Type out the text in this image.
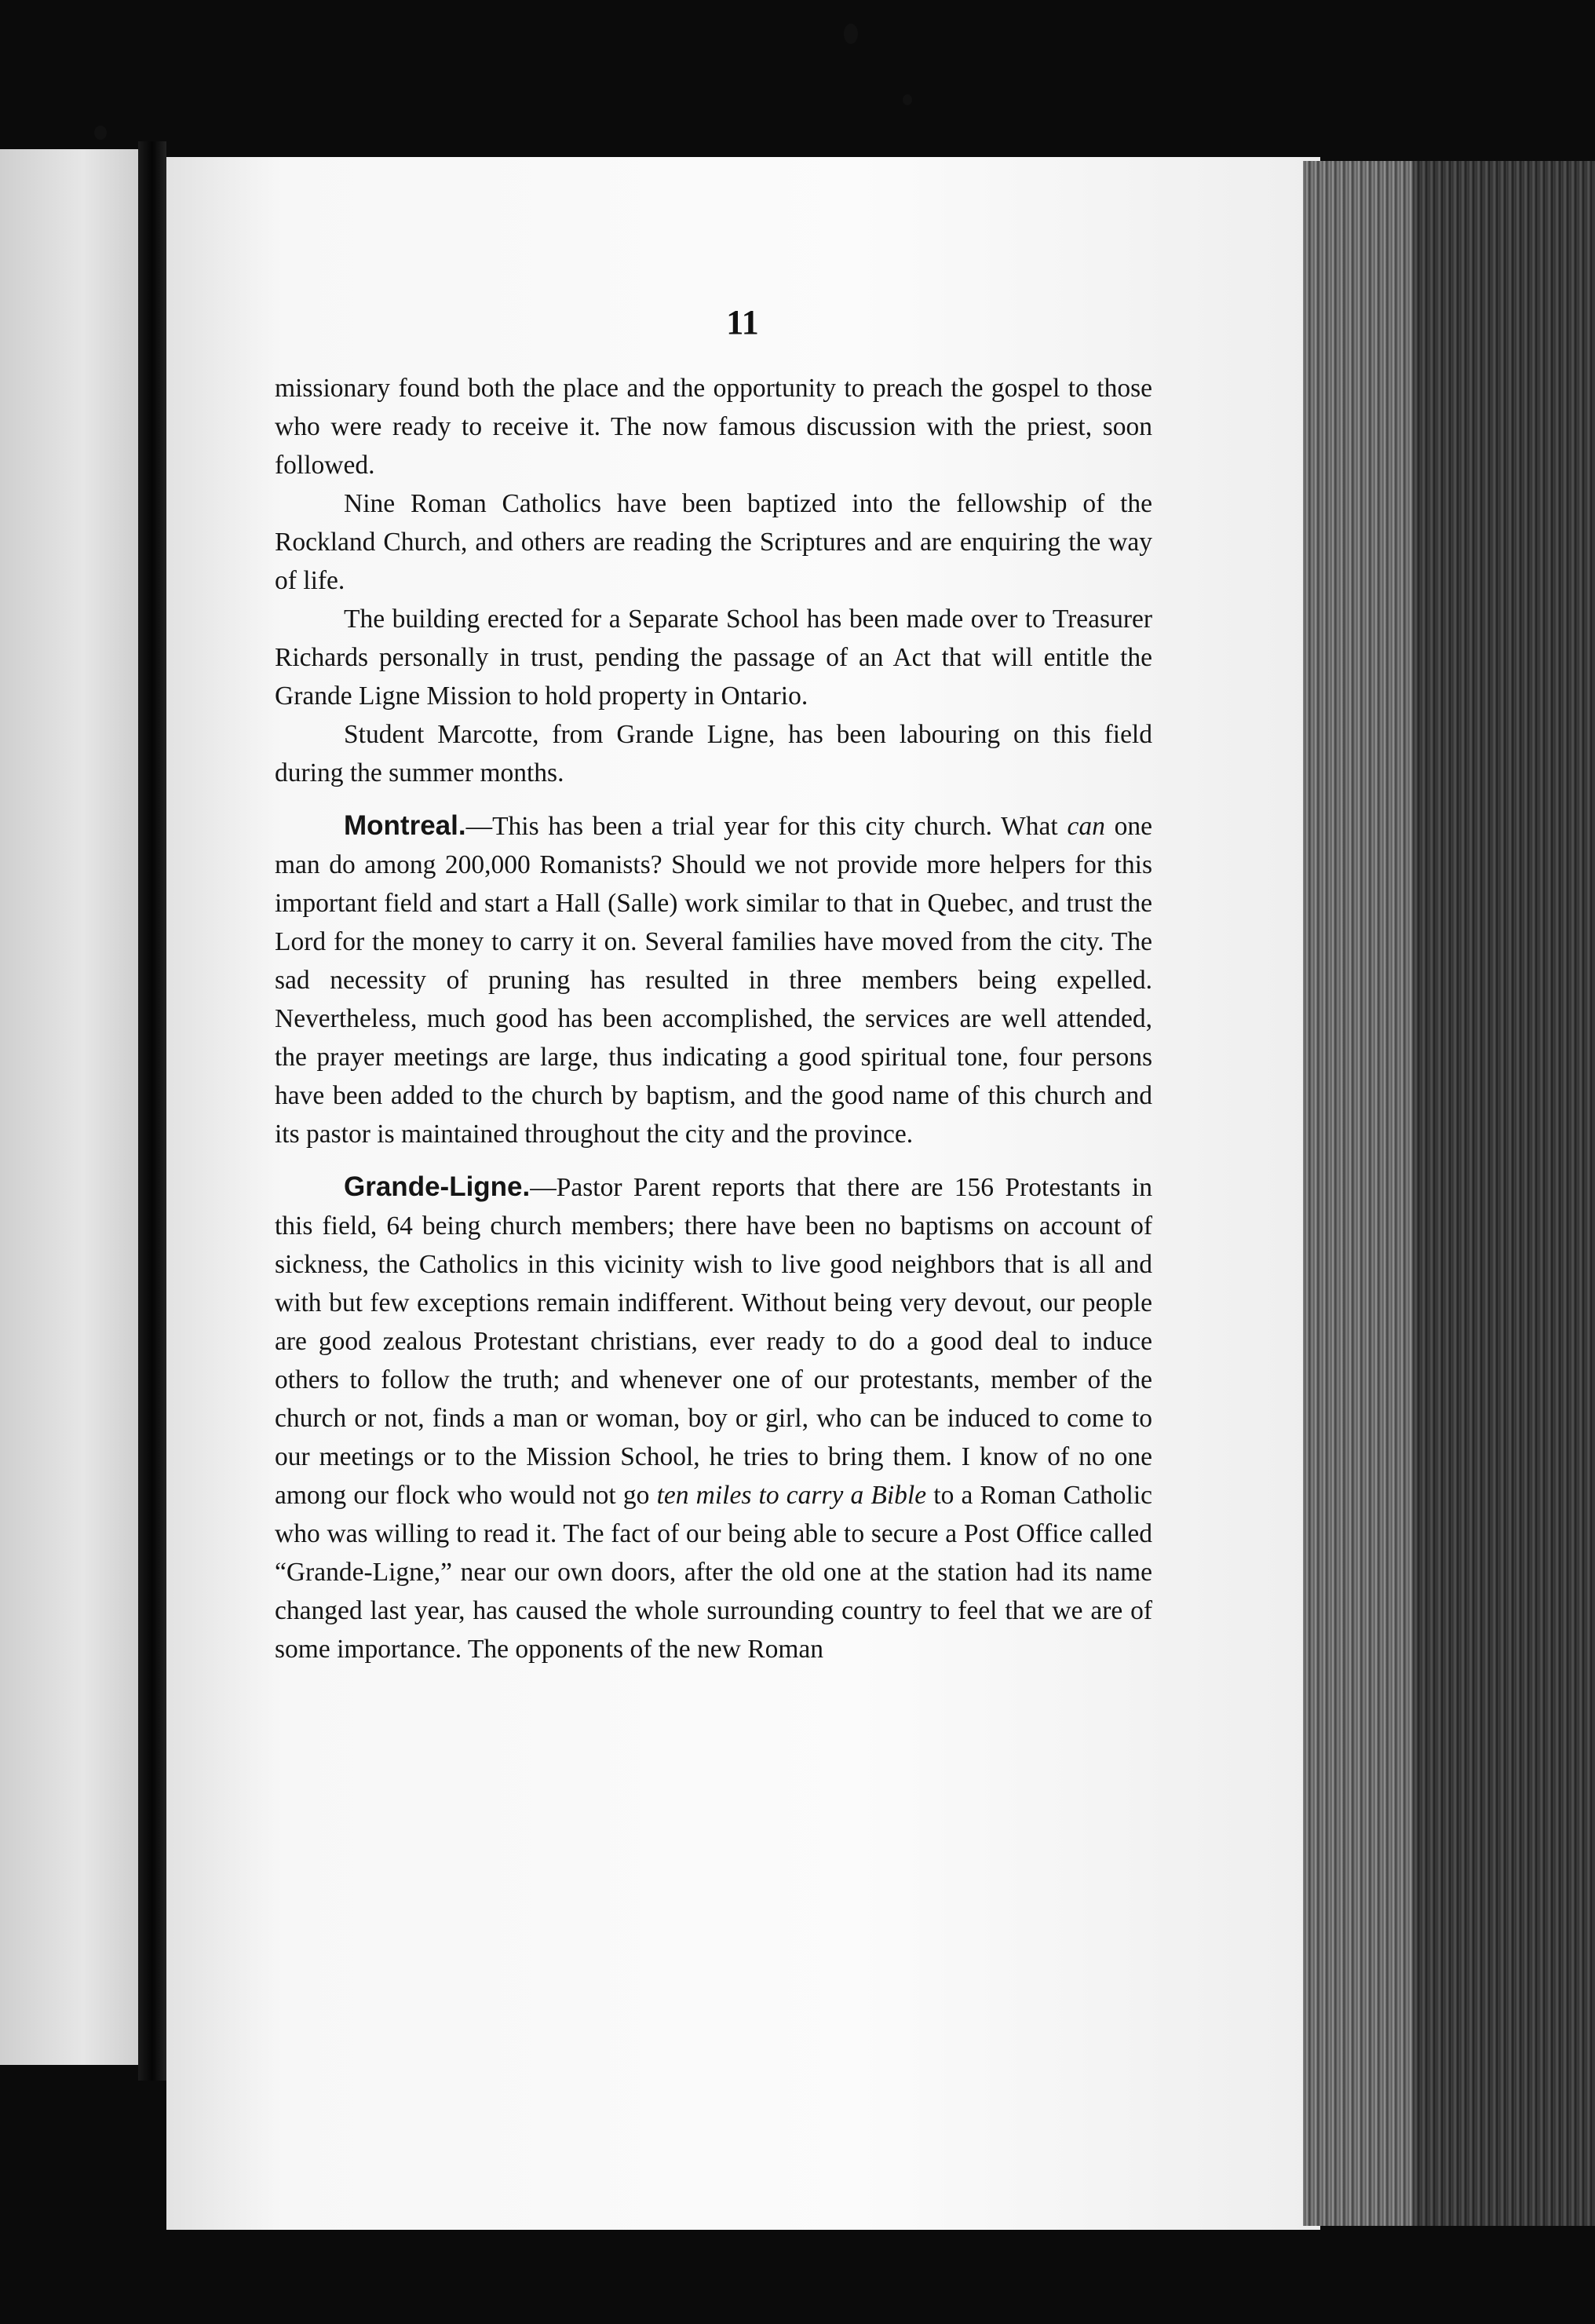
11

missionary found both the place and the opportunity to preach the gospel to those who were ready to receive it. The now famous discussion with the priest, soon followed.

Nine Roman Catholics have been baptized into the fellowship of the Rockland Church, and others are reading the Scriptures and are enquiring the way of life.

The building erected for a Separate School has been made over to Treasurer Richards personally in trust, pending the passage of an Act that will entitle the Grande Ligne Mission to hold property in Ontario.

Student Marcotte, from Grande Ligne, has been labouring on this field during the summer months.

Montreal.—This has been a trial year for this city church. What can one man do among 200,000 Romanists? Should we not provide more helpers for this important field and start a Hall (Salle) work similar to that in Quebec, and trust the Lord for the money to carry it on. Several families have moved from the city. The sad necessity of pruning has resulted in three members being expelled. Nevertheless, much good has been accomplished, the services are well attended, the prayer meetings are large, thus indicating a good spiritual tone, four persons have been added to the church by baptism, and the good name of this church and its pastor is maintained throughout the city and the province.

Grande-Ligne.—Pastor Parent reports that there are 156 Protestants in this field, 64 being church members; there have been no baptisms on account of sickness, the Catholics in this vicinity wish to live good neighbors that is all and with but few exceptions remain indifferent. Without being very devout, our people are good zealous Protestant christians, ever ready to do a good deal to induce others to follow the truth; and whenever one of our protestants, member of the church or not, finds a man or woman, boy or girl, who can be induced to come to our meetings or to the Mission School, he tries to bring them. I know of no one among our flock who would not go ten miles to carry a Bible to a Roman Catholic who was willing to read it. The fact of our being able to secure a Post Office called “Grande-Ligne,” near our own doors, after the old one at the station had its name changed last year, has caused the whole surrounding country to feel that we are of some importance. The opponents of the new Roman
